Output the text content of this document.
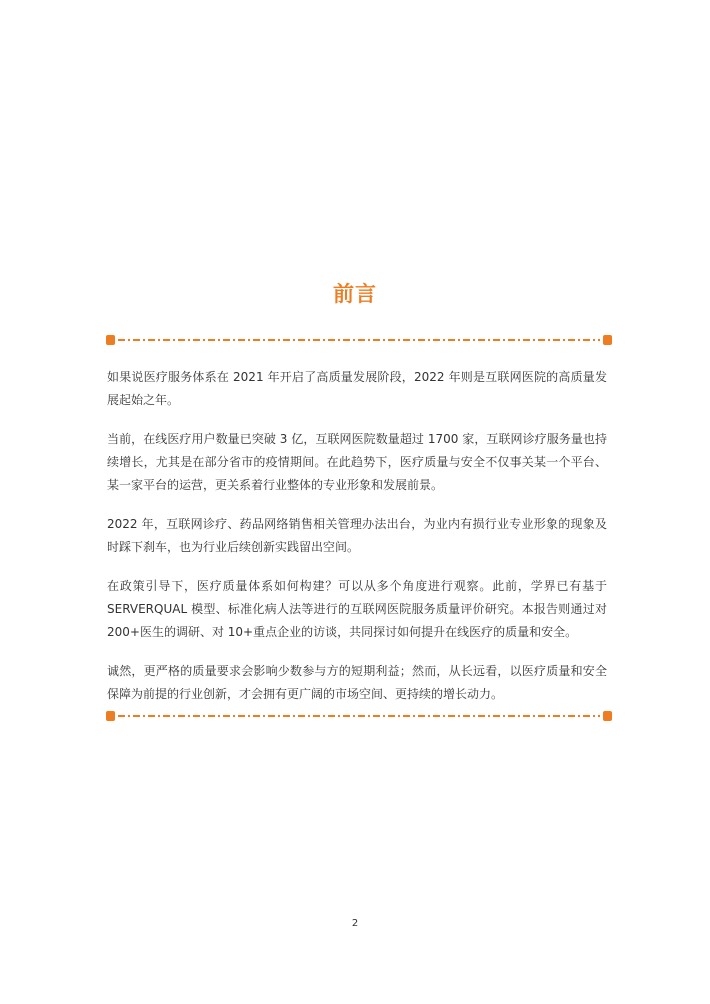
前言

如果说医疗服务体系在 2021 年开启了高质量发展阶段，2022 年则是互联网医院的高质量发展起始之年。

当前，在线医疗用户数量已突破 3 亿，互联网医院数量超过 1700 家，互联网诊疗服务量也持续增长，尤其是在部分省市的疫情期间。在此趋势下，医疗质量与安全不仅事关某一个平台、某一家平台的运营，更关系着行业整体的专业形象和发展前景。

2022 年，互联网诊疗、药品网络销售相关管理办法出台，为业内有损行业专业形象的现象及时踩下刹车，也为行业后续创新实践留出空间。

在政策引导下，医疗质量体系如何构建？可以从多个角度进行观察。此前，学界已有基于 SERVERQUAL 模型、标准化病人法等进行的互联网医院服务质量评价研究。本报告则通过对 200+医生的调研、对 10+重点企业的访谈，共同探讨如何提升在线医疗的质量和安全。

诚然，更严格的质量要求会影响少数参与方的短期利益；然而，从长远看，以医疗质量和安全保障为前提的行业创新，才会拥有更广阔的市场空间、更持续的增长动力。

2
